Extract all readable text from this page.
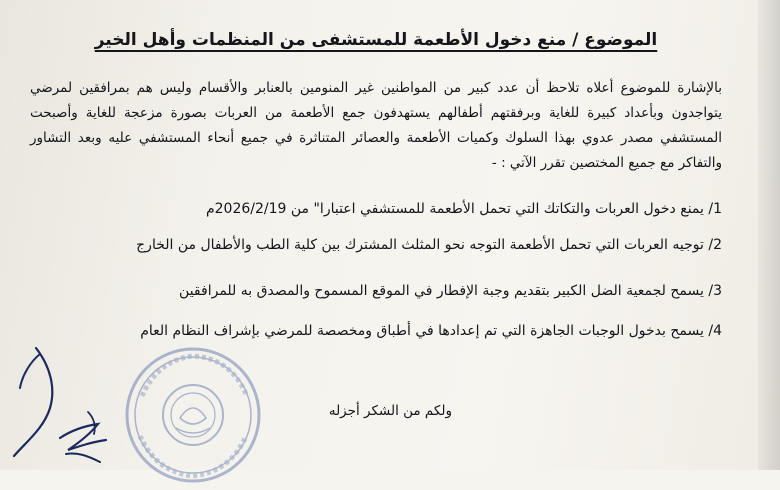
الموضوع / منع دخول الأطعمة للمستشفى من المنظمات وأهل الخير

بالإشارة للموضوع أعلاه تلاحظ أن عدد كبير من المواطنين غير المنومين بالعنابر والأقسام وليس هم بمرافقين لمرضي يتواجدون وبأعداد كبيرة للغاية وبرفقتهم أطفالهم يستهدفون جمع الأطعمة من العربات بصورة مزعجة للغاية وأصبحت المستشفي مصدر عدوي بهذا السلوك وكميات الأطعمة والعصائر المتناثرة في جميع أنحاء المستشفي عليه وبعد التشاور والتفاكر مع جميع المختصين تقرر الآتي : -

1/ يمنع دخول العربات والتكاتك التي تحمل الأطعمة للمستشفي اعتبارا" من 2026/2/19م

2/ توجيه العربات التي تحمل الأطعمة التوجه نحو المثلث المشترك بين كلية الطب والأطفال من الخارج

3/ يسمح لجمعية الضل الكبير بتقديم وجبة الإفطار في الموقع المسموح والمصدق به للمرافقين

4/ يسمح بدخول الوجبات الجاهزة التي تم إعدادها في أطباق ومخصصة للمرضي بإشراف النظام العام

ولكم من الشكر أجزله
